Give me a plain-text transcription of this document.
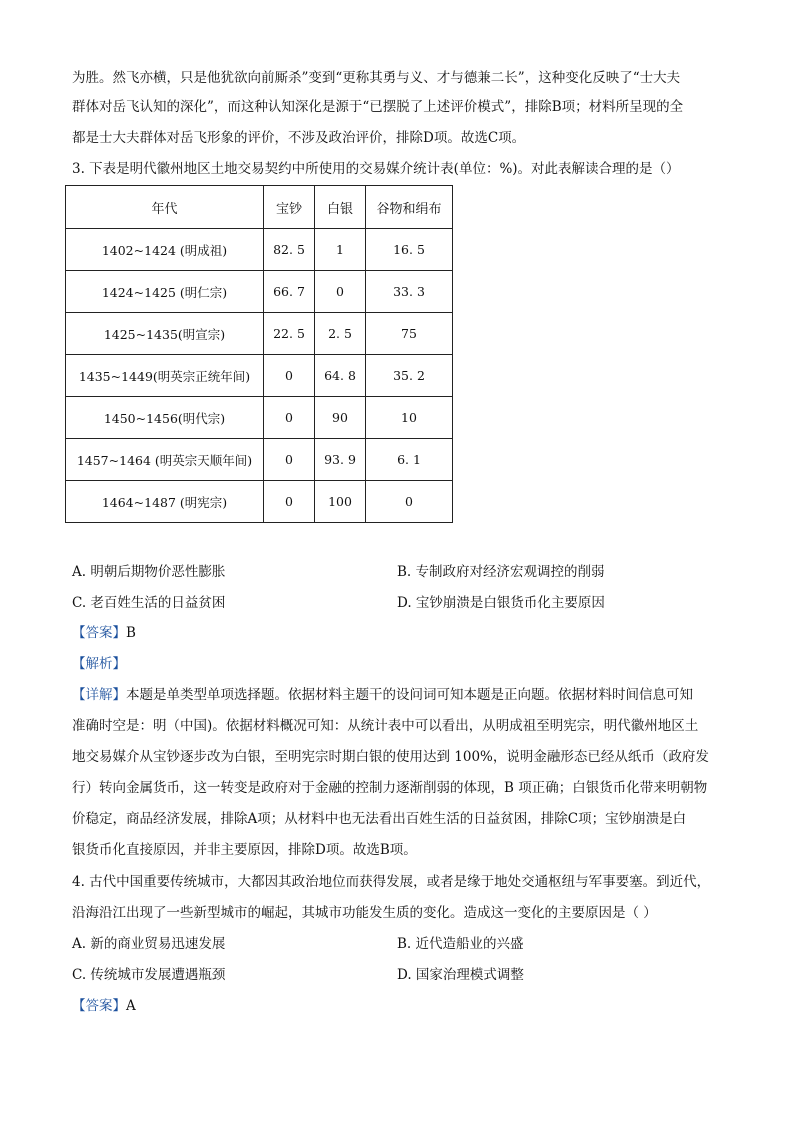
为胜。然飞亦横，只是他犹欲向前厮杀”变到“更称其勇与义、才与德兼二长”，这种变化反映了“士大夫
群体对岳飞认知的深化”，而这种认知深化是源于“已摆脱了上述评价模式”，排除B项；材料所呈现的全
都是士大夫群体对岳飞形象的评价，不涉及政治评价，排除D项。故选C项。
3. 下表是明代徽州地区土地交易契约中所使用的交易媒介统计表(单位：%)。对此表解读合理的是（）
年代	宝钞	白银	谷物和绢布
1402~1424 (明成祖)	82. 5	1	16. 5
1424~1425 (明仁宗)	66. 7	0	33. 3
1425~1435(明宣宗)	22. 5	2. 5	75
1435~1449(明英宗正统年间)	0	64. 8	35. 2
1450~1456(明代宗)	0	90	10
1457~1464 (明英宗天顺年间)	0	93. 9	6. 1
1464~1487 (明宪宗)	0	100	0
A. 明朝后期物价恶性膨胀	B. 专制政府对经济宏观调控的削弱
C. 老百姓生活的日益贫困	D. 宝钞崩溃是白银货币化主要原因
【答案】B
【解析】
【详解】本题是单类型单项选择题。依据材料主题干的设问词可知本题是正向题。依据材料时间信息可知
准确时空是：明（中国)。依据材料概况可知：从统计表中可以看出，从明成祖至明宪宗，明代徽州地区土
地交易媒介从宝钞逐步改为白银，至明宪宗时期白银的使用达到 100%，说明金融形态已经从纸币（政府发
行）转向金属货币，这一转变是政府对于金融的控制力逐渐削弱的体现，B 项正确；白银货币化带来明朝物
价稳定，商品经济发展，排除A项；从材料中也无法看出百姓生活的日益贫困，排除C项；宝钞崩溃是白
银货币化直接原因，并非主要原因，排除D项。故选B项。
4. 古代中国重要传统城市，大都因其政治地位而获得发展，或者是缘于地处交通枢纽与军事要塞。到近代，
沿海沿江出现了一些新型城市的崛起，其城市功能发生质的变化。造成这一变化的主要原因是（ ）
A. 新的商业贸易迅速发展	B. 近代造船业的兴盛
C. 传统城市发展遭遇瓶颈	D. 国家治理模式调整
【答案】A
